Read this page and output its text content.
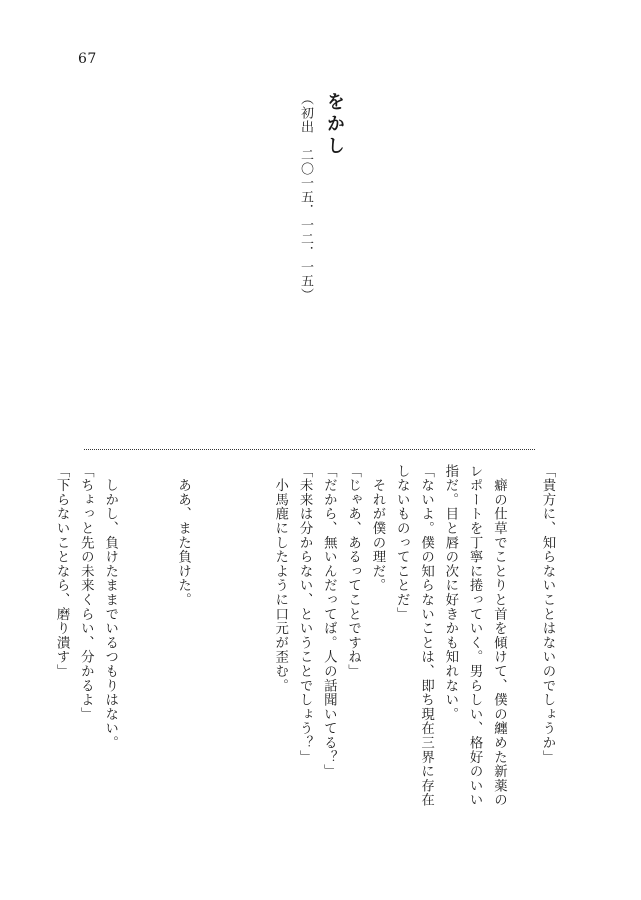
67
をかし
（初出　二〇一五．一二．一五）
「貴方に、知らないことはないのでしょうか」
　癖の仕草でことりと首を傾けて、僕の纏めた新薬の
レポートを丁寧に捲っていく。男らしい、格好のいい
指だ。目と唇の次に好きかも知れない。
「ないよ。僕の知らないことは、即ち現在三界に存在
しないものってことだ」
　それが僕の理だ。
「じゃあ、あるってことですね」
「だから、無いんだってば。人の話聞いてる？」
「未来は分からない、ということでしょう？」
　小馬鹿にしたように口元が歪む。
　ああ、また負けた。
　しかし、負けたままでいるつもりはない。
「ちょっと先の未来くらい、分かるよ」
「下らないことなら、磨り潰す」
